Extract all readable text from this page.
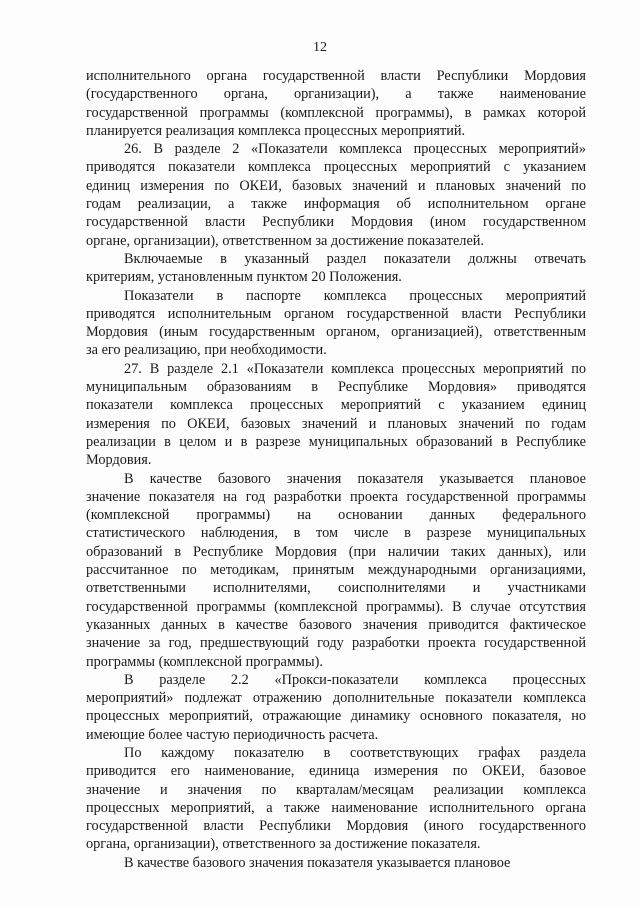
12
исполнительного органа государственной власти Республики Мордовия
(государственного органа, организации), а также наименование
государственной программы (комплексной программы), в рамках которой
планируется реализация комплекса процессных мероприятий.
26. В разделе 2 «Показатели комплекса процессных мероприятий»
приводятся показатели комплекса процессных мероприятий с указанием
единиц измерения по ОКЕИ, базовых значений и плановых значений по
годам реализации, а также информация об исполнительном органе
государственной власти Республики Мордовия (ином государственном
органе, организации), ответственном за достижение показателей.
Включаемые в указанный раздел показатели должны отвечать
критериям, установленным пунктом 20 Положения.
Показатели в паспорте комплекса процессных мероприятий
приводятся исполнительным органом государственной власти Республики
Мордовия (иным государственным органом, организацией), ответственным
за его реализацию, при необходимости.
27. В разделе 2.1 «Показатели комплекса процессных мероприятий по
муниципальным образованиям в Республике Мордовия» приводятся
показатели комплекса процессных мероприятий с указанием единиц
измерения по ОКЕИ, базовых значений и плановых значений по годам
реализации в целом и в разрезе муниципальных образований в Республике
Мордовия.
В качестве базового значения показателя указывается плановое
значение показателя на год разработки проекта государственной программы
(комплексной программы) на основании данных федерального
статистического наблюдения, в том числе в разрезе муниципальных
образований в Республике Мордовия (при наличии таких данных), или
рассчитанное по методикам, принятым международными организациями,
ответственными исполнителями, соисполнителями и участниками
государственной программы (комплексной программы). В случае отсутствия
указанных данных в качестве базового значения приводится фактическое
значение за год, предшествующий году разработки проекта государственной
программы (комплексной программы).
В разделе 2.2 «Прокси-показатели комплекса процессных
мероприятий» подлежат отражению дополнительные показатели комплекса
процессных мероприятий, отражающие динамику основного показателя, но
имеющие более частую периодичность расчета.
По каждому показателю в соответствующих графах раздела
приводится его наименование, единица измерения по ОКЕИ, базовое
значение и значения по кварталам/месяцам реализации комплекса
процессных мероприятий, а также наименование исполнительного органа
государственной власти Республики Мордовия (иного государственного
органа, организации), ответственного за достижение показателя.
В качестве базового значения показателя указывается плановое
